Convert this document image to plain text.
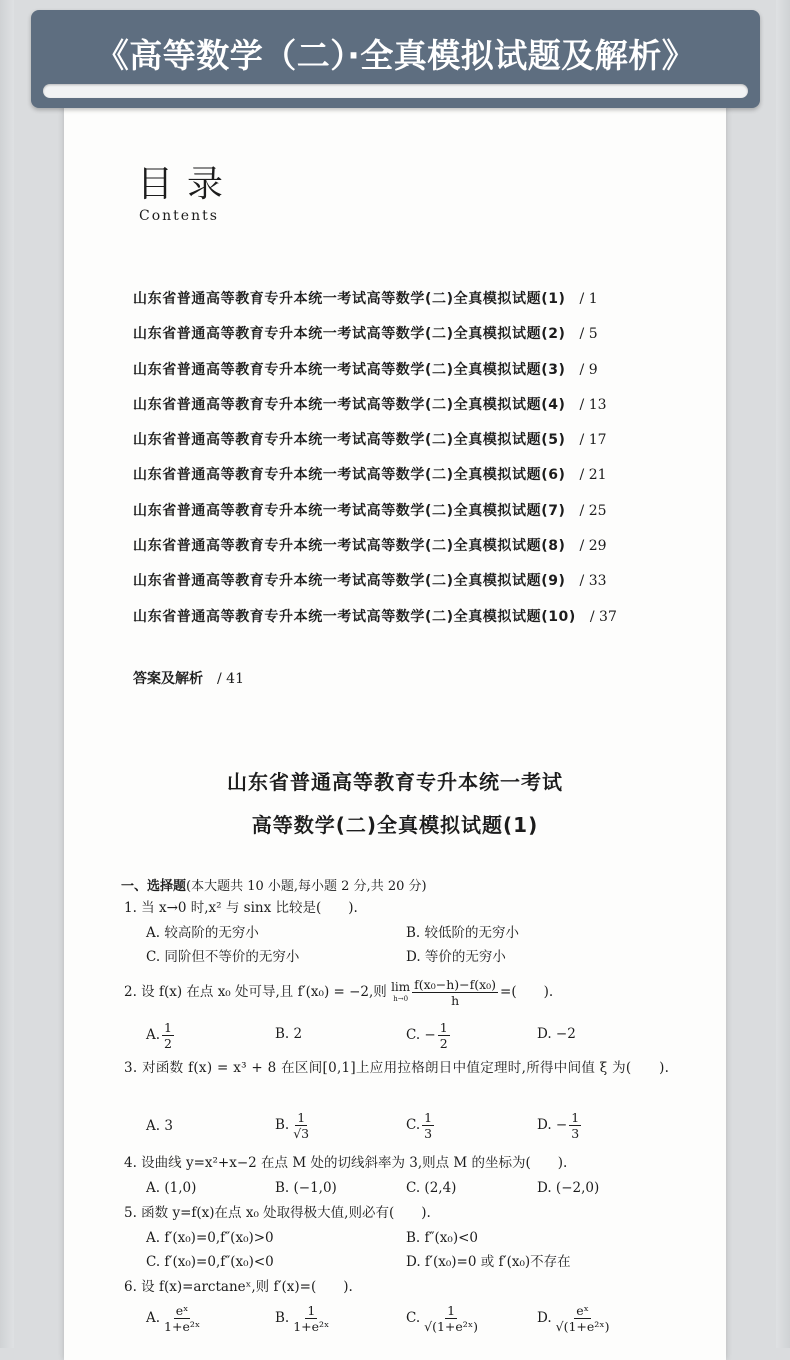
《高等数学（二）·全真模拟试题及解析》
目录
Contents
山东省普通高等教育专升本统一考试高等数学(二)全真模拟试题(1) / 1
山东省普通高等教育专升本统一考试高等数学(二)全真模拟试题(2) / 5
山东省普通高等教育专升本统一考试高等数学(二)全真模拟试题(3) / 9
山东省普通高等教育专升本统一考试高等数学(二)全真模拟试题(4) / 13
山东省普通高等教育专升本统一考试高等数学(二)全真模拟试题(5) / 17
山东省普通高等教育专升本统一考试高等数学(二)全真模拟试题(6) / 21
山东省普通高等教育专升本统一考试高等数学(二)全真模拟试题(7) / 25
山东省普通高等教育专升本统一考试高等数学(二)全真模拟试题(8) / 29
山东省普通高等教育专升本统一考试高等数学(二)全真模拟试题(9) / 33
山东省普通高等教育专升本统一考试高等数学(二)全真模拟试题(10) / 37
答案及解析 / 41
山东省普通高等教育专升本统一考试
高等数学(二)全真模拟试题(1)
一、选择题(本大题共 10 小题,每小题 2 分,共 20 分)
1. 当 x→0 时,x² 与 sinx 比较是(　　).
A. 较高阶的无穷小	B. 较低阶的无穷小
C. 同阶但不等价的无穷小	D. 等价的无穷小
2. 设 f(x) 在点 x₀ 处可导,且 f′(x₀) = −2,则 lim
$h\to 0 \frac{\text{f(x₀−h)−f(x₀)}}{h}$ =(　　).
A. $\frac{1}{2}$	B. 2	C. − $\frac{1}{2}$	D. −2
3. 对函数 f(x) = x³ + 8 在区间[0,1]上应用拉格朗日中值定理时,所得中间值 ξ 为(　　).
A. 3	B. $\frac{1}{√3}$	C. $\frac{1}{3}$	D. − $\frac{1}{3}$
4. 设曲线 y=x²+x−2 在点 M 处的切线斜率为 3,则点 M 的坐标为(　　).
A. (1,0)	B. (−1,0)	C. (2,4)	D. (−2,0)
5. 函数 y=f(x)在点 x₀ 处取得极大值,则必有(　　).
A. f′(x₀)=0,f″(x₀)>0	B. f″(x₀)<0
C. f′(x₀)=0,f″(x₀)<0	D. f′(x₀)=0 或 f′(x₀)不存在
6. 设 f(x)=arctaneˣ,则 f′(x)=(　　).
A. $\frac{\text{eˣ}}{\text{1+e²ˣ}}$	B. $\frac{1}{\text{1+e²ˣ}}$	C. $\frac{1}{\text{√(1+e²ˣ)}}$	D. $\frac{\text{eˣ}}{\text{√(1+e²ˣ)}}$
